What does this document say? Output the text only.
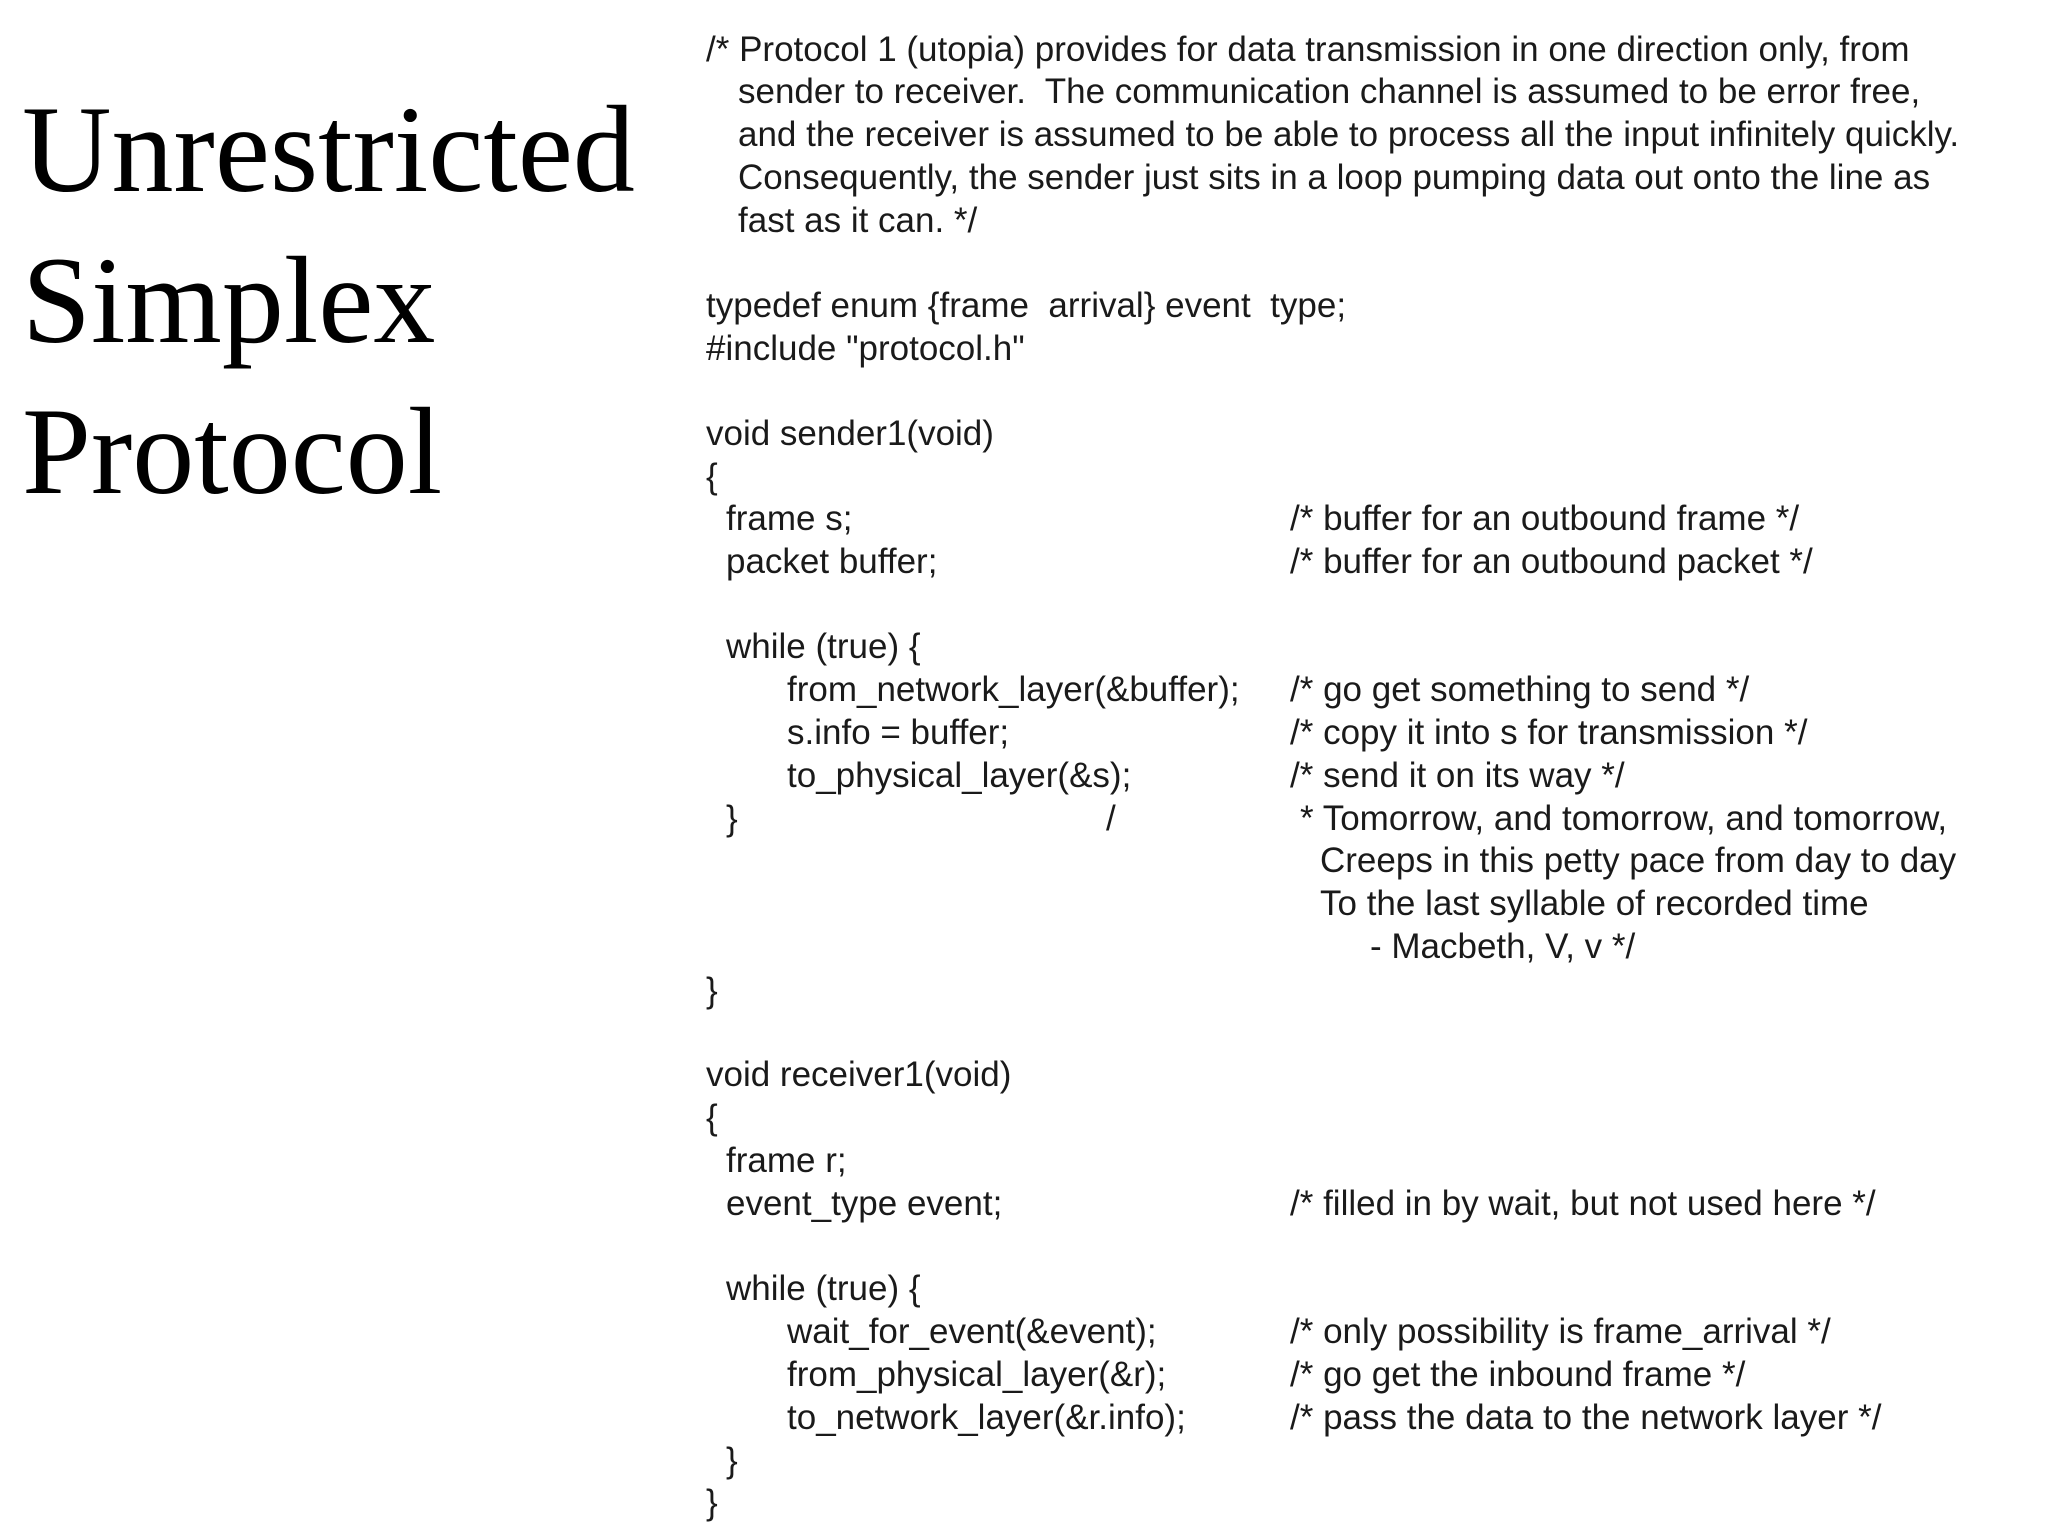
Unrestricted
Simplex
Protocol
/* Protocol 1 (utopia) provides for data transmission in one direction only, from
sender to receiver.  The communication channel is assumed to be error free,
and the receiver is assumed to be able to process all the input infinitely quickly.
Consequently, the sender just sits in a loop pumping data out onto the line as
fast as it can. */
typedef enum {frame  arrival} event  type;
#include "protocol.h"
void sender1(void)
{
frame s;	/* buffer for an outbound frame */
packet buffer;	/* buffer for an outbound packet */
while (true) {
from_network_layer(&buffer); /* go get something to send */
s.info = buffer;	/* copy it into s for transmission */
to_physical_layer(&s);	/* send it on its way */
}	/	* Tomorrow, and tomorrow, and tomorrow,
Creeps in this petty pace from day to day
To the last syllable of recorded time
- Macbeth, V, v */
}
void receiver1(void)
{
frame r;
event_type event;	/* filled in by wait, but not used here */
while (true) {
wait_for_event(&event);	/* only possibility is frame_arrival */
from_physical_layer(&r);	/* go get the inbound frame */
to_network_layer(&r.info);	/* pass the data to the network layer */
}
}
